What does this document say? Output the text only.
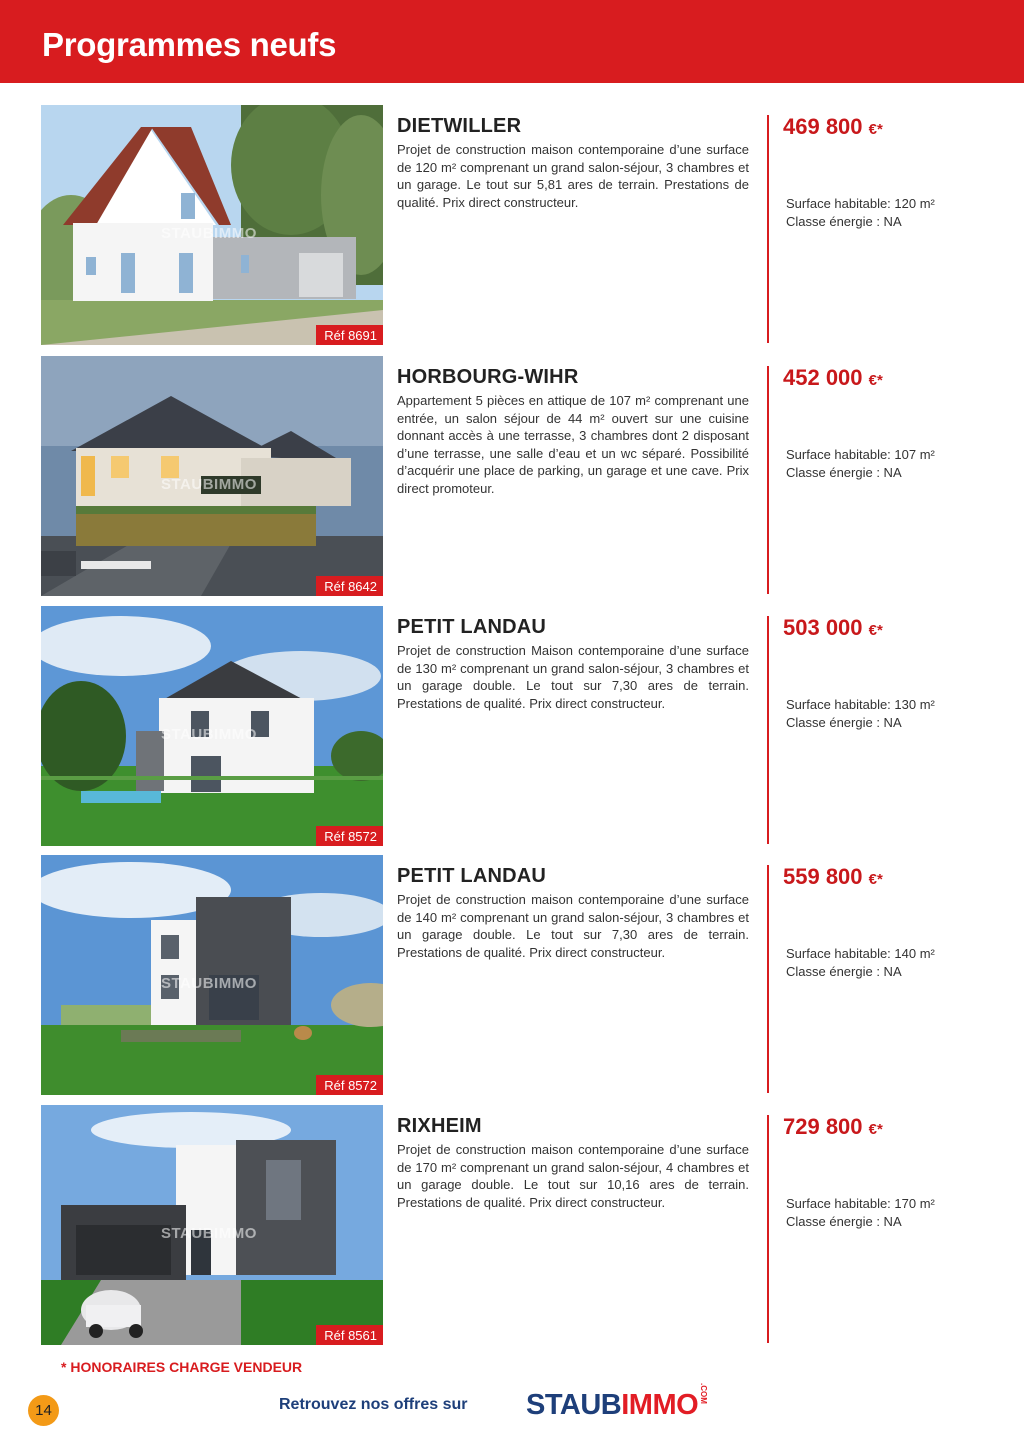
Programmes neufs
STAUBIMMO
Réf 8691
DIETWILLER

Projet de construction maison contemporaine d’une surface de 120 m² comprenant un grand salon-séjour, 3 chambres et un garage. Le tout sur 5,81 ares de terrain. Prestations de qualité. Prix direct constructeur.

469 800 €*
Surface habitable: 120 m²
Classe énergie : NA
STAUBIMMO
Réf 8642
HORBOURG-WIHR

Appartement 5 pièces en attique de 107 m² comprenant une entrée, un salon séjour de 44 m² ouvert sur une cuisine donnant accès à une terrasse, 3 chambres dont 2 disposant d’une terrasse, une salle d’eau et un wc séparé. Possibilité d’acquérir une place de parking, un garage et une cave. Prix direct promoteur.

452 000 €*
Surface habitable: 107 m²
Classe énergie : NA
STAUBIMMO
Réf 8572
PETIT LANDAU

Projet de construction Maison contemporaine d’une surface de 130 m² comprenant un grand salon-séjour, 3 chambres et un garage double. Le tout sur 7,30 ares de terrain. Prestations de qualité. Prix direct constructeur.

503 000 €*
Surface habitable: 130 m²
Classe énergie : NA
STAUBIMMO
Réf 8572
PETIT LANDAU

Projet de construction maison contemporaine d’une surface de 140 m² comprenant un grand salon-séjour, 3 chambres et un garage double. Le tout sur 7,30 ares de terrain. Prestations de qualité. Prix direct constructeur.

559 800 €*
Surface habitable: 140 m²
Classe énergie : NA
STAUBIMMO
Réf 8561
RIXHEIM

Projet de construction maison contemporaine d’une surface de 170 m² comprenant un grand salon-séjour, 4 chambres et un garage double. Le tout sur 10,16 ares de terrain. Prestations de qualité. Prix direct constructeur.

729 800 €*
Surface habitable: 170 m²
Classe énergie : NA
* HONORAIRES CHARGE VENDEUR
14	Retrouvez nos offres sur STAUBIMMO.COM
